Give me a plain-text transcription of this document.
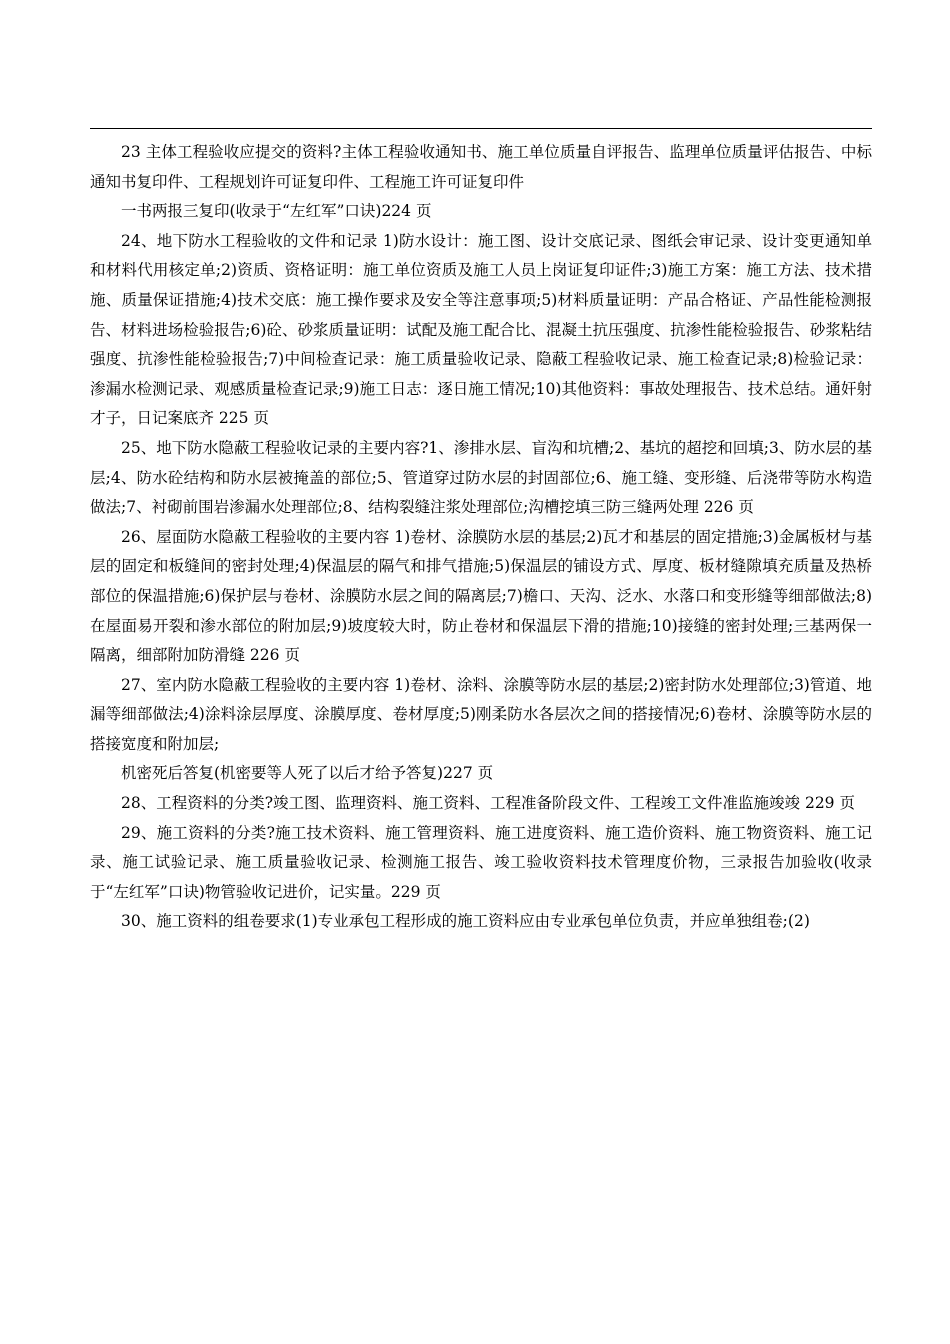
23 主体工程验收应提交的资料?主体工程验收通知书、施工单位质量自评报告、监理单位质量评估报告、中标通知书复印件、工程规划许可证复印件、工程施工许可证复印件

一书两报三复印(收录于“左红军”口诀)224 页

24、地下防水工程验收的文件和记录 1)防水设计：施工图、设计交底记录、图纸会审记录、设计变更通知单和材料代用核定单;2)资质、资格证明：施工单位资质及施工人员上岗证复印证件;3)施工方案：施工方法、技术措施、质量保证措施;4)技术交底：施工操作要求及安全等注意事项;5)材料质量证明：产品合格证、产品性能检测报告、材料进场检验报告;6)砼、砂浆质量证明：试配及施工配合比、混凝土抗压强度、抗渗性能检验报告、砂浆粘结强度、抗渗性能检验报告;7)中间检查记录：施工质量验收记录、隐蔽工程验收记录、施工检查记录;8)检验记录：渗漏水检测记录、观感质量检查记录;9)施工日志：逐日施工情况;10)其他资料：事故处理报告、技术总结。通奸射才子，日记案底齐 225 页

25、地下防水隐蔽工程验收记录的主要内容?1、渗排水层、盲沟和坑槽;2、基坑的超挖和回填;3、防水层的基层;4、防水砼结构和防水层被掩盖的部位;5、管道穿过防水层的封固部位;6、施工缝、变形缝、后浇带等防水构造做法;7、衬砌前围岩渗漏水处理部位;8、结构裂缝注浆处理部位;沟槽挖填三防三缝两处理 226 页

26、屋面防水隐蔽工程验收的主要内容 1)卷材、涂膜防水层的基层;2)瓦才和基层的固定措施;3)金属板材与基层的固定和板缝间的密封处理;4)保温层的隔气和排气措施;5)保温层的铺设方式、厚度、板材缝隙填充质量及热桥部位的保温措施;6)保护层与卷材、涂膜防水层之间的隔离层;7)檐口、天沟、泛水、水落口和变形缝等细部做法;8)在屋面易开裂和渗水部位的附加层;9)坡度较大时，防止卷材和保温层下滑的措施;10)接缝的密封处理;三基两保一隔离，细部附加防滑缝 226 页

27、室内防水隐蔽工程验收的主要内容 1)卷材、涂料、涂膜等防水层的基层;2)密封防水处理部位;3)管道、地漏等细部做法;4)涂料涂层厚度、涂膜厚度、卷材厚度;5)刚柔防水各层次之间的搭接情况;6)卷材、涂膜等防水层的搭接宽度和附加层;

机密死后答复(机密要等人死了以后才给予答复)227 页

28、工程资料的分类?竣工图、监理资料、施工资料、工程准备阶段文件、工程竣工文件准监施竣竣 229 页

29、施工资料的分类?施工技术资料、施工管理资料、施工进度资料、施工造价资料、施工物资资料、施工记录、施工试验记录、施工质量验收记录、检测施工报告、竣工验收资料技术管理度价物，三录报告加验收(收录于“左红军”口诀)物管验收记进价，记实量。229 页

30、施工资料的组卷要求(1)专业承包工程形成的施工资料应由专业承包单位负责，并应单独组卷;(2)
